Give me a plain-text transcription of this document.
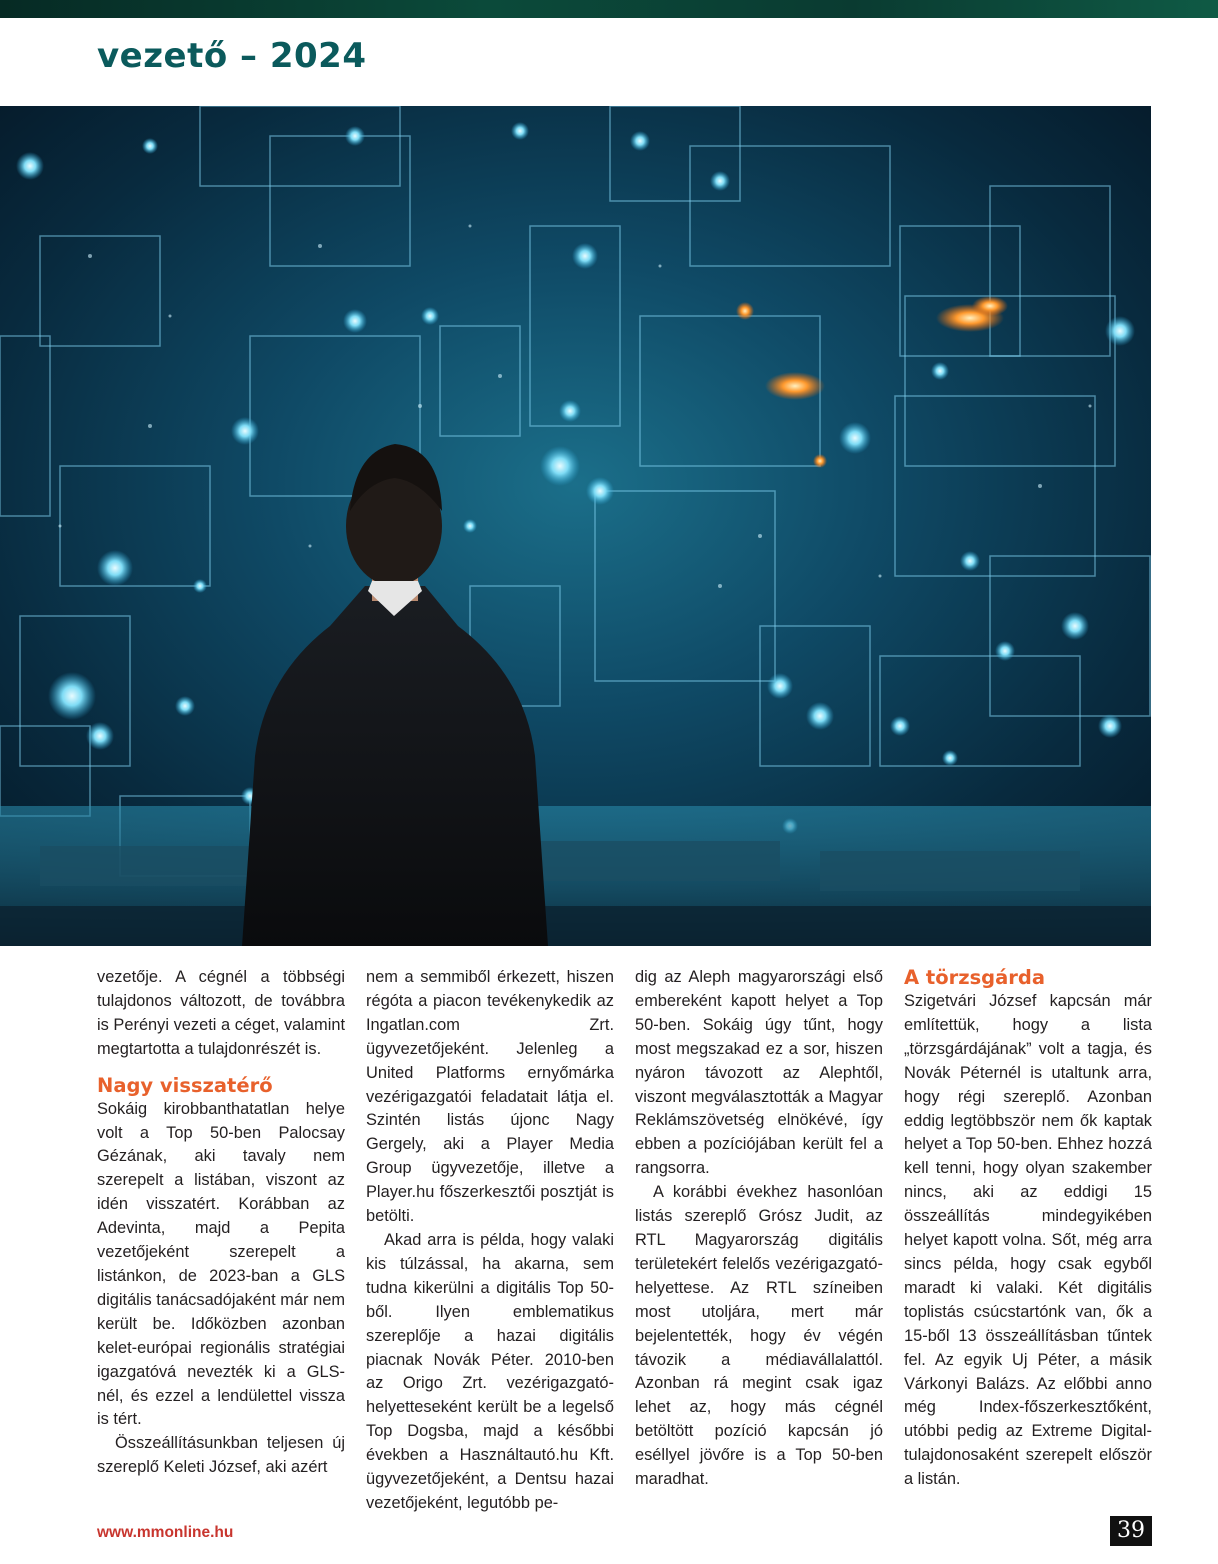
vezető – 2024

vezetője. A cégnél a többségi tulajdonos változott, de továbbra is Perényi vezeti a céget, valamint megtartotta a tulajdonrészét is.

Nagy visszatérő

Sokáig kirobbanthatatlan helye volt a Top 50-ben Palocsay Gézának, aki tavaly nem szerepelt a listában, viszont az idén visszatért. Korábban az Adevinta, majd a Pepita vezetőjeként szerepelt a listánkon, de 2023-ban a GLS digitális tanácsadójaként már nem került be. Időközben azonban kelet-európai regionális stratégiai igazgatóvá nevezték ki a GLS-nél, és ezzel a lendülettel vissza is tért.

Összeállításunkban teljesen új szereplő Keleti József, aki azért

nem a semmiből érkezett, hiszen régóta a piacon tevékenykedik az Ingatlan.com Zrt. ügyvezetőjeként. Jelenleg a United Platforms ernyőmárka vezérigazgatói feladatait látja el. Szintén listás újonc Nagy Gergely, aki a Player Media Group ügyvezetője, illetve a Player.hu főszerkesztői posztját is betölti.

Akad arra is példa, hogy valaki kis túlzással, ha akarna, sem tudna kikerülni a digitális Top 50-ből. Ilyen emblematikus szereplője a hazai digitális piacnak Novák Péter. 2010-ben az Origo Zrt. vezérigazgató-helyetteseként került be a legelső Top Dogsba, majd a későbbi években a Használtautó.hu Kft. ügyvezetőjeként, a Dentsu hazai vezetőjeként, legutóbb pe-

dig az Aleph magyarországi első embereként kapott helyet a Top 50-ben. Sokáig úgy tűnt, hogy most megszakad ez a sor, hiszen nyáron távozott az Alephtől, viszont megválasztották a Magyar Reklámszövetség elnökévé, így ebben a pozíciójában került fel a rangsorra.

A korábbi évekhez hasonlóan listás szereplő Grósz Judit, az RTL Magyarország digitális területekért felelős vezérigazgató-helyettese. Az RTL színeiben most utoljára, mert már bejelentették, hogy év végén távozik a médiavállalattól. Azonban rá megint csak igaz lehet az, hogy más cégnél betöltött pozíció kapcsán jó eséllyel jövőre is a Top 50-ben maradhat.

A törzsgárda

Szigetvári József kapcsán már említettük, hogy a lista „törzsgárdájának” volt a tagja, és Novák Péternél is utaltunk arra, hogy régi szereplő. Azonban eddig legtöbbször nem ők kaptak helyet a Top 50-ben. Ehhez hozzá kell tenni, hogy olyan szakember nincs, aki az eddigi 15 összeállítás mindegyikében helyet kapott volna. Sőt, még arra sincs példa, hogy csak egyből maradt ki valaki. Két digitális toplistás csúcstartónk van, ők a 15-ből 13 összeállításban tűntek fel. Az egyik Uj Péter, a másik Várkonyi Balázs. Az előbbi anno még Index-főszerkesztőként, utóbbi pedig az Extreme Digital-tulajdonosaként szerepelt először a listán.

www.mmonline.hu	39
